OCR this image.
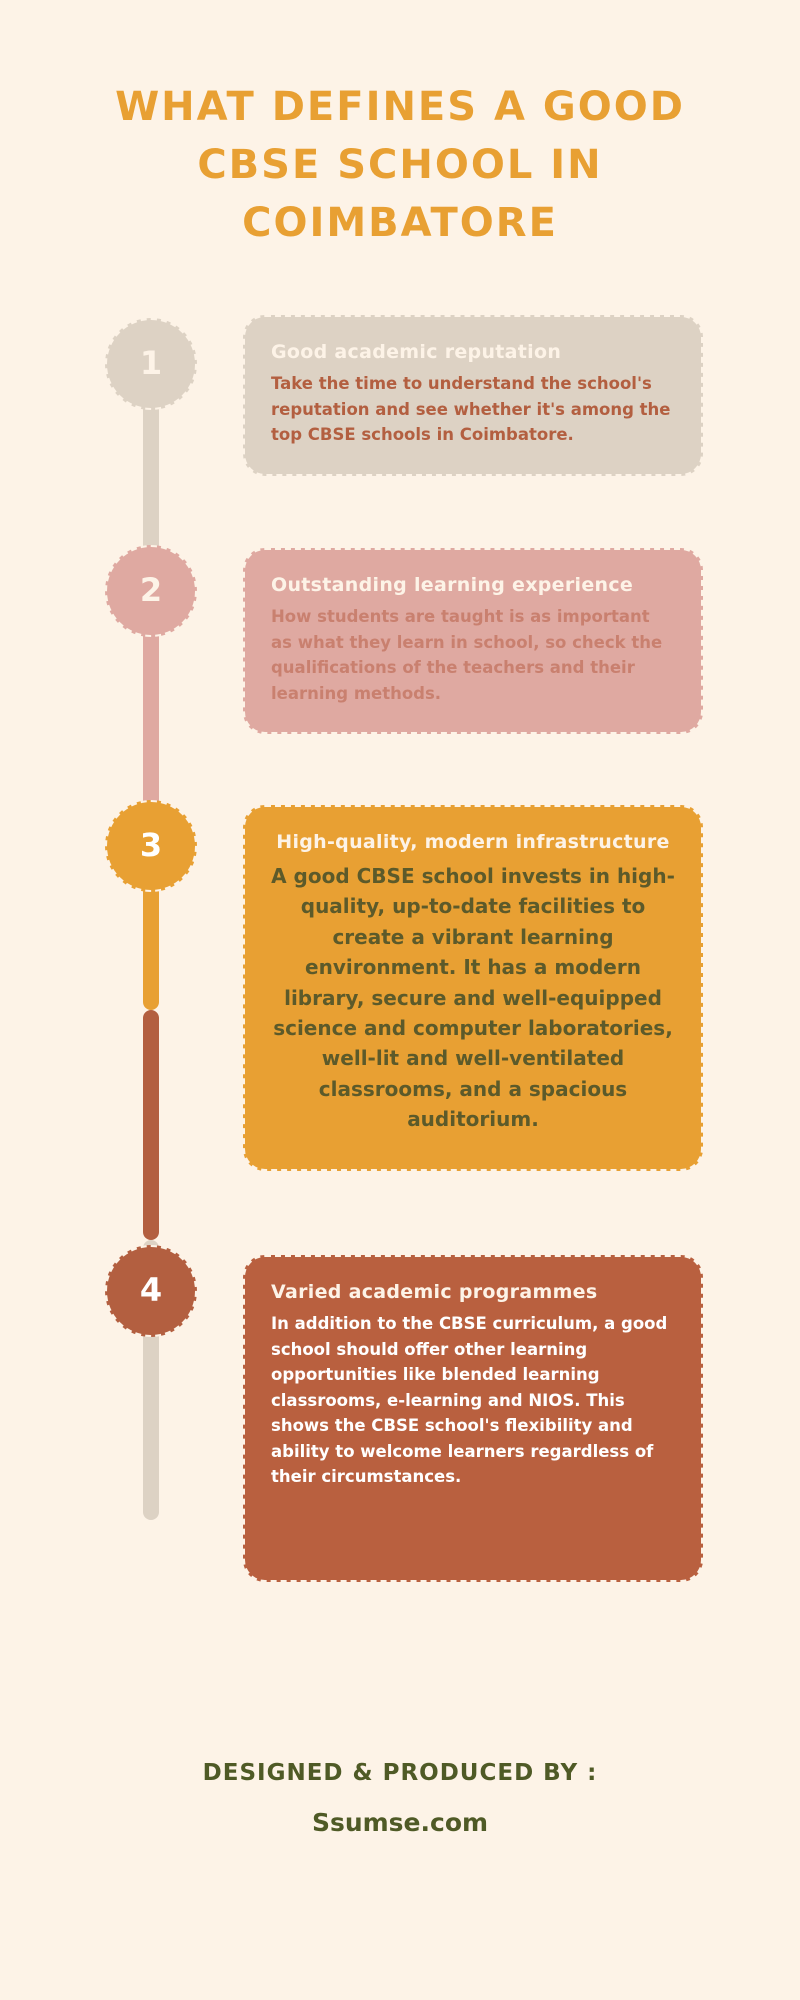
WHAT DEFINES A GOOD CBSE SCHOOL IN COIMBATORE
1
2
3
4
Good academic reputation

Take the time to understand the school's reputation and see whether it's among the top CBSE schools in Coimbatore.

Outstanding learning experience

How students are taught is as important as what they learn in school, so check the qualifications of the teachers and their learning methods.

High-quality, modern infrastructure

A good CBSE school invests in high-quality, up-to-date facilities to create a vibrant learning environment. It has a modern library, secure and well-equipped science and computer laboratories, well-lit and well-ventilated classrooms, and a spacious auditorium.

Varied academic programmes

In addition to the CBSE curriculum, a good school should offer other learning opportunities like blended learning classrooms, e-learning and NIOS. This shows the CBSE school's flexibility and ability to welcome learners regardless of their circumstances.

DESIGNED & PRODUCED BY :
Ssumse.com
